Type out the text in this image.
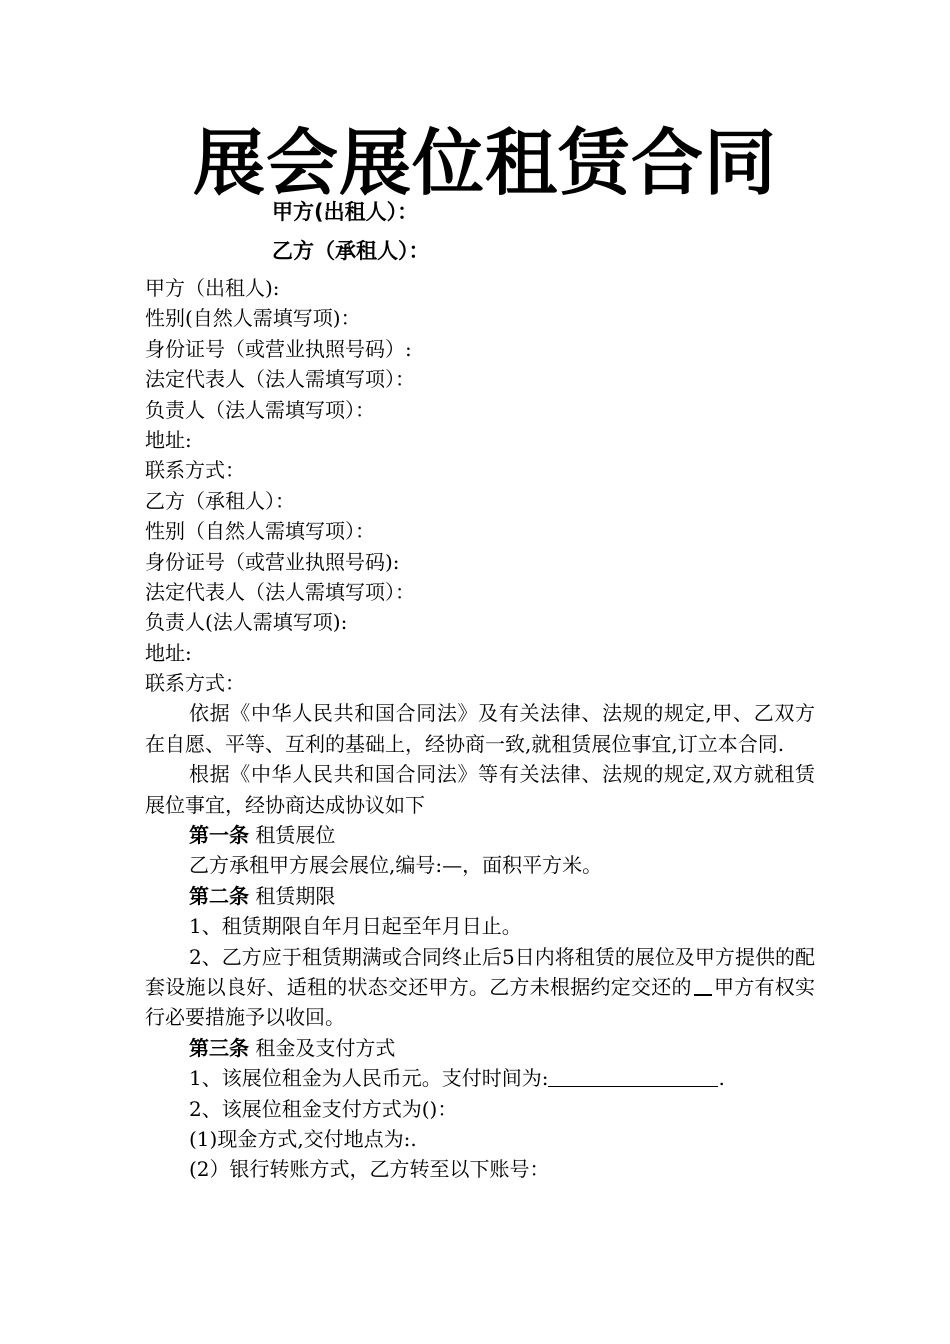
展会展位租赁合同
甲方(出租人）：
乙方（承租人）：
甲方（出租人):
性别(自然人需填写项)：
身份证号（或营业执照号码）:
法定代表人（法人需填写项）：
负责人（法人需填写项）：
地址:
联系方式：
乙方（承租人）：
性别（自然人需填写项）：
身份证号（或营业执照号码):
法定代表人（法人需填写项）：
负责人(法人需填写项):
地址:
联系方式：
依据《中华人民共和国合同法》及有关法律、法规的规定,甲、乙双方在自愿、平等、互利的基础上，经协商一致,就租赁展位事宜,订立本合同.
根据《中华人民共和国合同法》等有关法律、法规的规定,双方就租赁展位事宜，经协商达成协议如下
第一条 租赁展位
乙方承租甲方展会展位,编号:—，面积平方米。
第二条 租赁期限
1、租赁期限自年月日起至年月日止。
2、乙方应于租赁期满或合同终止后5日内将租赁的展位及甲方提供的配套设施以良好、适租的状态交还甲方。乙方未根据约定交还的 甲方有权实行必要措施予以收回。
第三条 租金及支付方式
1、该展位租金为人民币元。支付时间为:	.
2、该展位租金支付方式为()：
(1)现金方式,交付地点为:.
(2）银行转账方式，乙方转至以下账号：
